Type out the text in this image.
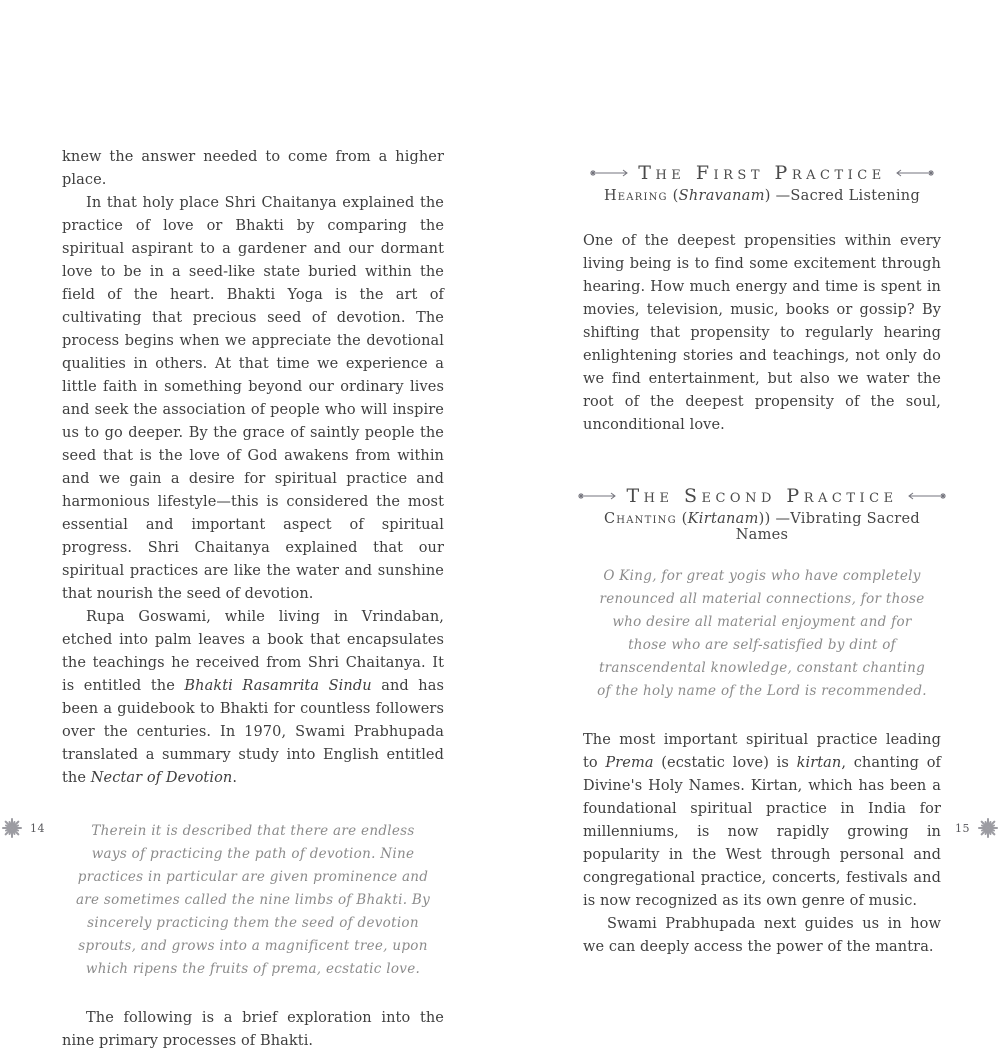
knew the answer needed to come from a higher place.

In that holy place Shri Chaitanya explained the practice of love or Bhakti by comparing the spiritual aspirant to a gardener and our dormant love to be in a seed-like state buried within the field of the heart. Bhakti Yoga is the art of cultivating that precious seed of devotion. The process begins when we appreciate the devotional qualities in others. At that time we experience a little faith in something beyond our ordinary lives and seek the association of people who will inspire us to go deeper. By the grace of saintly people the seed that is the love of God awakens from within and we gain a desire for spiritual practice and harmonious lifestyle—this is considered the most essential and important aspect of spiritual progress. Shri Chaitanya explained that our spiritual practices are like the water and sunshine that nourish the seed of devotion.

Rupa Goswami, while living in Vrindaban, etched into palm leaves a book that encapsulates the teachings he received from Shri Chaitanya. It is entitled the Bhakti Rasamrita Sindu and has been a guidebook to Bhakti for countless followers over the centuries. In 1970, Swami Prabhupada translated a summary study into English entitled the Nectar of Devotion.

Therein it is described that there are endless ways of practicing the path of devotion. Nine practices in particular are given prominence and are sometimes called the nine limbs of Bhakti. By sincerely practicing them the seed of devotion sprouts, and grows into a magnificent tree, upon which ripens the fruits of prema, ecstatic love.

The following is a brief exploration into the nine primary processes of Bhakti.

The First Practice
Hearing (Shravanam) —Sacred Listening

One of the deepest propensities within every living being is to find some excitement through hearing. How much energy and time is spent in movies, television, music, books or gossip? By shifting that propensity to regularly hearing enlightening stories and teachings, not only do we find entertainment, but also we water the root of the deepest propensity of the soul, unconditional love.

The Second Practice
Chanting (Kirtanam)) —Vibrating Sacred Names
O King, for great yogis who have completely renounced all material connections, for those who desire all material enjoyment and for those who are self-satisfied by dint of transcendental knowledge, constant chanting of the holy name of the Lord is recommended.

The most important spiritual practice leading to Prema (ecstatic love) is kirtan, chanting of Divine's Holy Names. Kirtan, which has been a foundational spiritual practice in India for millenniums, is now rapidly growing in popularity in the West through personal and congregational practice, concerts, festivals and is now recognized as its own genre of music.

Swami Prabhupada next guides us in how we can deeply access the power of the mantra.

14	15
